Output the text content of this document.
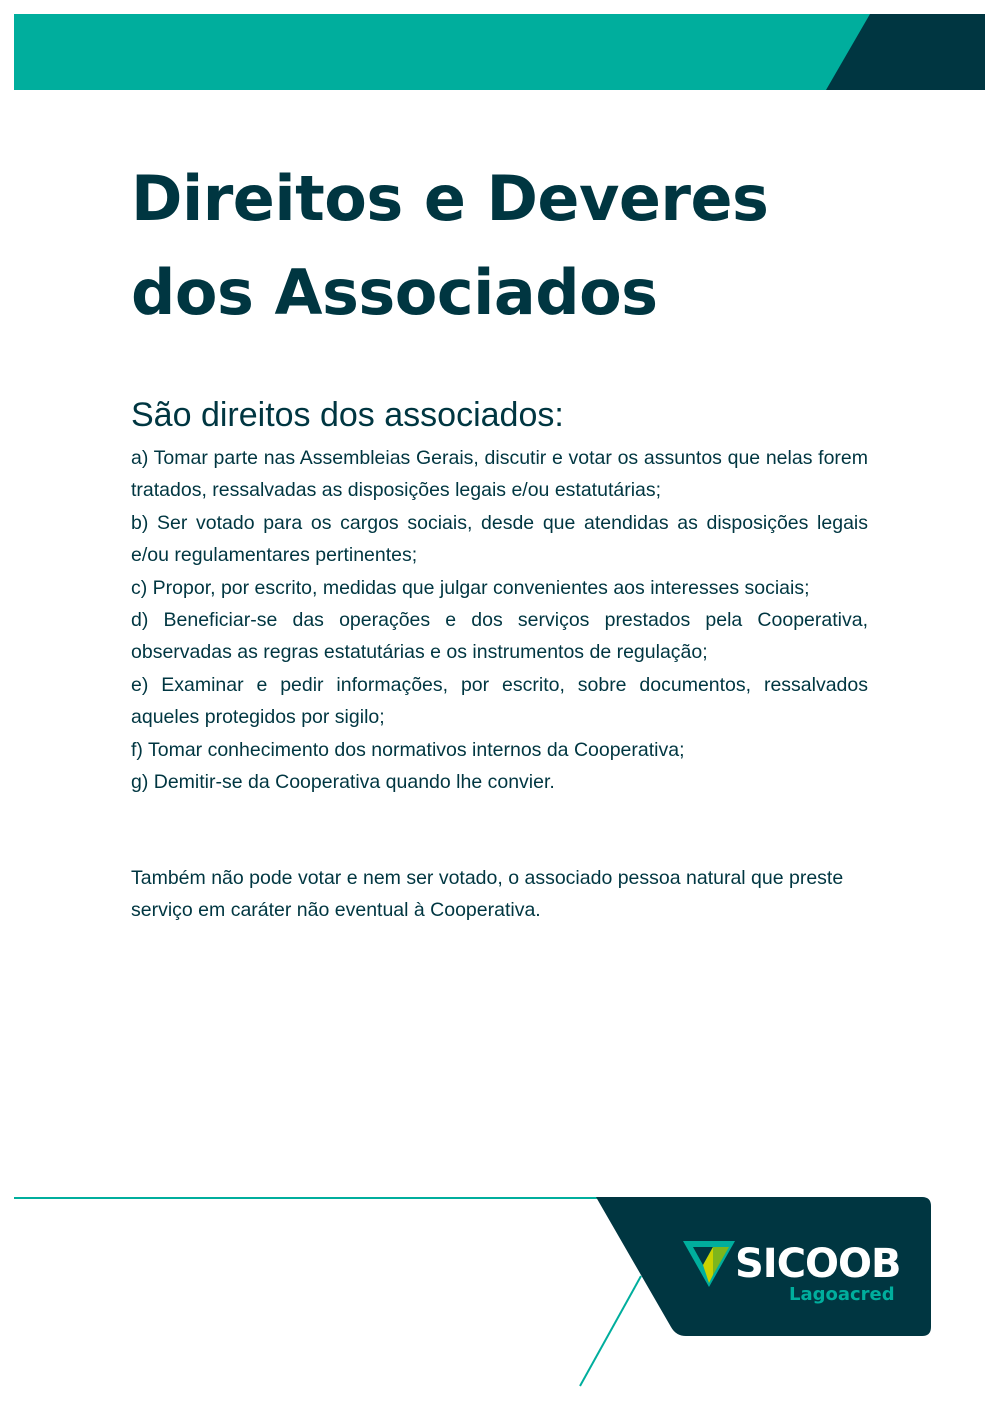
Direitos e Deveres
dos Associados
São direitos dos associados:
a) Tomar parte nas Assembleias Gerais, discutir e votar os assuntos que nelas forem tratados, ressalvadas as disposições legais e/ou estatutárias;
b) Ser votado para os cargos sociais, desde que atendidas as disposições legais e/ou regulamentares pertinentes;
c) Propor, por escrito, medidas que julgar convenientes aos interesses sociais;
d) Beneficiar-se das operações e dos serviços prestados pela Cooperativa, observadas as regras estatutárias e os instrumentos de regulação;
e) Examinar e pedir informações, por escrito, sobre documentos, ressalvados aqueles protegidos por sigilo;
f) Tomar conhecimento dos normativos internos da Cooperativa;
g) Demitir-se da Cooperativa quando lhe convier.

Também não pode votar e nem ser votado, o associado pessoa natural que preste serviço em caráter não eventual à Cooperativa.

SICOOB
Lagoacred
